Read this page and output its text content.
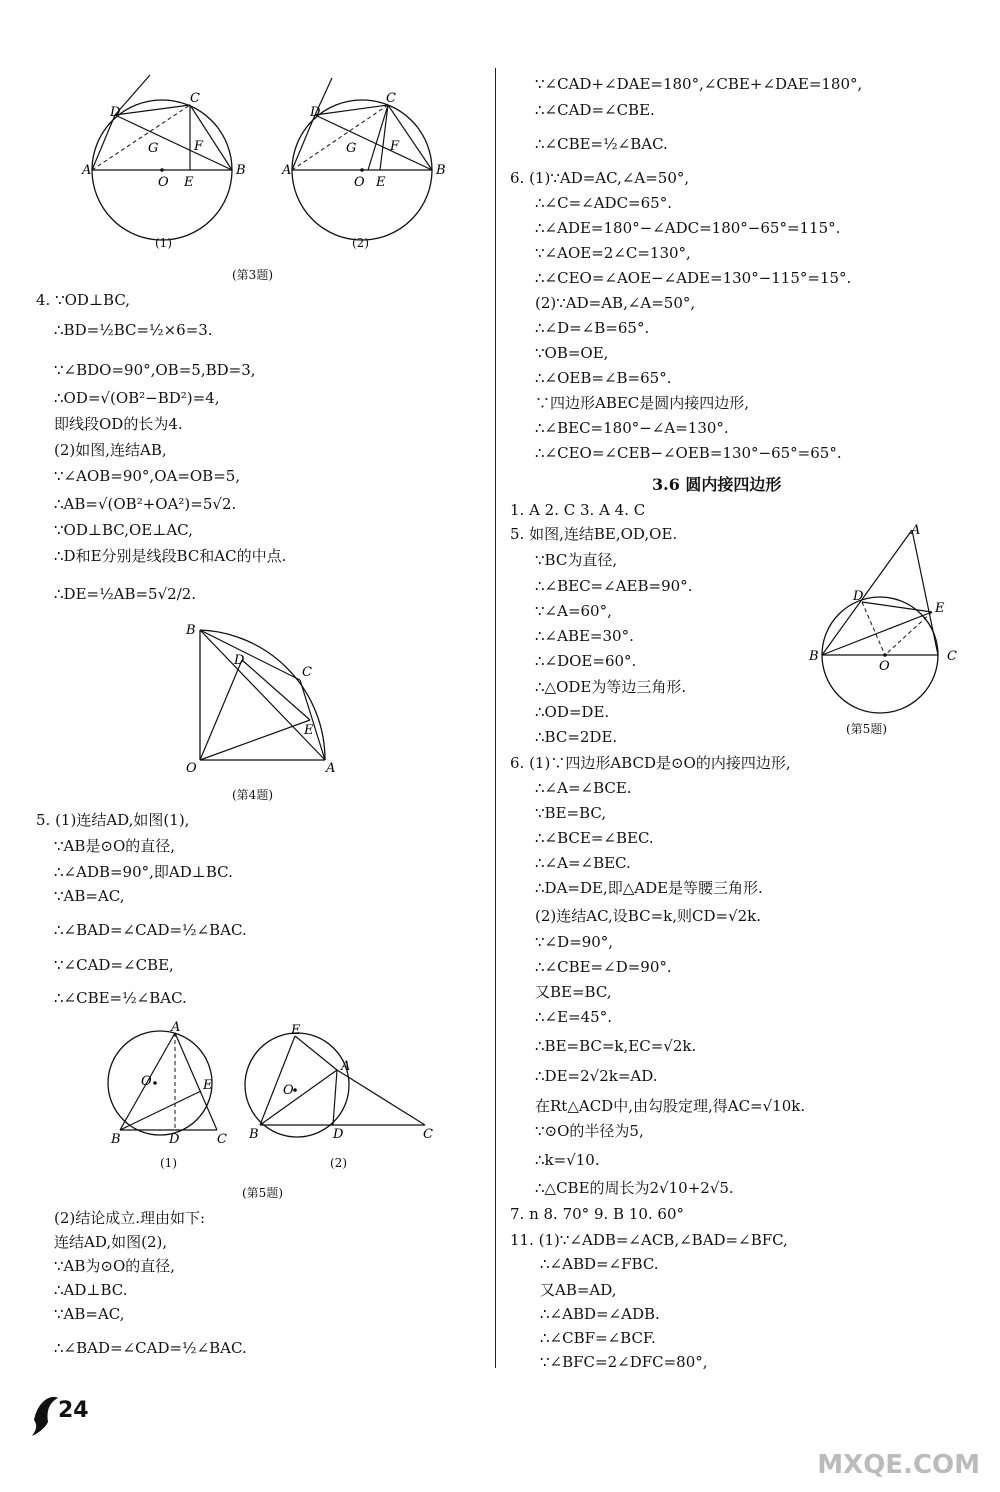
D
C
G	F
A	B
O E
(1)
D
C
G	F
A	B
O E
(2)
(第3题)
4. ∵OD⊥BC,
∴BD=½BC=½×6=3.
∵∠BDO=90°,OB=5,BD=3,
∴OD=√(OB²−BD²)=4,
即线段OD的长为4.
(2)如图,连结AB,
∵∠AOB=90°,OA=OB=5,
∴AB=√(OB²+OA²)=5√2.
∵OD⊥BC,OE⊥AC,
∴D和E分别是线段BC和AC的中点.
∴DE=½AB=5√2/2.
B
D
C
E
O	A
(第4题)
5. (1)连结AD,如图(1),
∵AB是⊙O的直径,
∴∠ADB=90°,即AD⊥BC.
∵AB=AC,
∴∠BAD=∠CAD=½∠BAC.
∵∠CAD=∠CBE,
∴∠CBE=½∠BAC.
A
O	E
B	D	C
(1)
E
A
O
B	D	C
(2)
(第5题)
(2)结论成立.理由如下:
连结AD,如图(2),
∵AB为⊙O的直径,
∴AD⊥BC.
∵AB=AC,
∴∠BAD=∠CAD=½∠BAC.
∵∠CAD+∠DAE=180°,∠CBE+∠DAE=180°,
∴∠CAD=∠CBE.
∴∠CBE=½∠BAC.
6. (1)∵AD=AC,∠A=50°,
∴∠C=∠ADC=65°.
∴∠ADE=180°−∠ADC=180°−65°=115°.
∵∠AOE=2∠C=130°,
∴∠CEO=∠AOE−∠ADE=130°−115°=15°.
(2)∵AD=AB,∠A=50°,
∴∠D=∠B=65°.
∵OB=OE,
∴∠OEB=∠B=65°.
∵四边形ABEC是圆内接四边形,
∴∠BEC=180°−∠A=130°.
∴∠CEO=∠CEB−∠OEB=130°−65°=65°.
3.6 圆内接四边形
1. A 2. C 3. A 4. C
5. 如图,连结BE,OD,OE.
∵BC为直径,
∴∠BEC=∠AEB=90°.
∵∠A=60°,
∴∠ABE=30°.
∴∠DOE=60°.
∴△ODE为等边三角形.
∴OD=DE.
∴BC=2DE.
A
D
E
B
O
C
(第5题)
6. (1)∵四边形ABCD是⊙O的内接四边形,
∴∠A=∠BCE.
∵BE=BC,
∴∠BCE=∠BEC.
∴∠A=∠BEC.
∴DA=DE,即△ADE是等腰三角形.
(2)连结AC,设BC=k,则CD=√2k.
∵∠D=90°,
∴∠CBE=∠D=90°.
又BE=BC,
∴∠E=45°.
∴BE=BC=k,EC=√2k.
∴DE=2√2k=AD.
在Rt△ACD中,由勾股定理,得AC=√10k.
∵⊙O的半径为5,
∴k=√10.
∴△CBE的周长为2√10+2√5.
7. n 8. 70° 9. B 10. 60°
11. (1)∵∠ADB=∠ACB,∠BAD=∠BFC,
∴∠ABD=∠FBC.
又AB=AD,
∴∠ABD=∠ADB.
∴∠CBF=∠BCF.
∵∠BFC=2∠DFC=80°,
24
MXQE.COM
